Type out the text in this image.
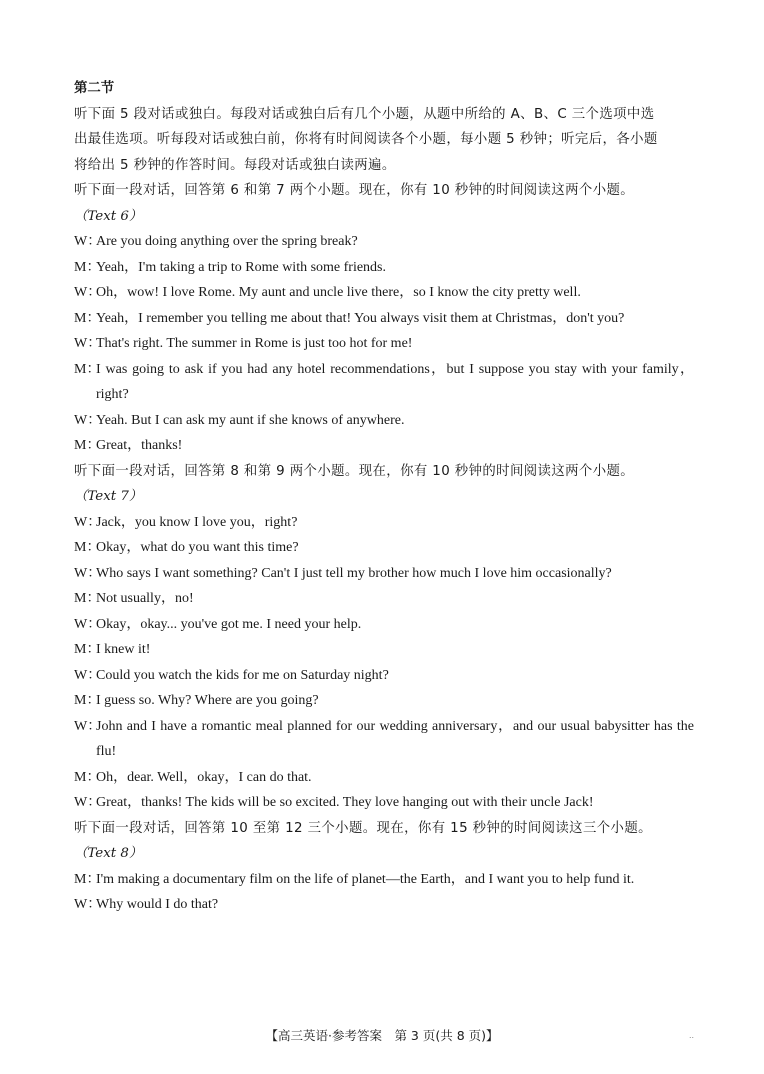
第二节
听下面 5 段对话或独白。每段对话或独白后有几个小题，从题中所给的 A、B、C 三个选项中选
出最佳选项。听每段对话或独白前，你将有时间阅读各个小题，每小题 5 秒钟；听完后，各小题
将给出 5 秒钟的作答时间。每段对话或独白读两遍。
听下面一段对话，回答第 6 和第 7 两个小题。现在，你有 10 秒钟的时间阅读这两个小题。
（Text 6）
W：
Are you doing anything over the spring break?
M：
Yeah，I'm taking a trip to Rome with some friends.
W：
Oh，wow! I love Rome. My aunt and uncle live there，so I know the city pretty well.
M：
Yeah，I remember you telling me about that! You always visit them at Christmas，don't you?
W：
That's right. The summer in Rome is just too hot for me!
M：
I was going to ask if you had any hotel recommendations，but I suppose you stay with your family，right?
W：
Yeah. But I can ask my aunt if she knows of anywhere.
M：
Great，thanks!
听下面一段对话，回答第 8 和第 9 两个小题。现在，你有 10 秒钟的时间阅读这两个小题。
（Text 7）
W：
Jack，you know I love you，right?
M：
Okay，what do you want this time?
W：
Who says I want something? Can't I just tell my brother how much I love him occasionally?
M：
Not usually，no!
W：
Okay，okay... you've got me. I need your help.
M：
I knew it!
W：
Could you watch the kids for me on Saturday night?
M：
I guess so. Why? Where are you going?
W：
John and I have a romantic meal planned for our wedding anniversary，and our usual babysitter has the flu!
M：
Oh，dear. Well，okay，I can do that.
W：
Great，thanks! The kids will be so excited. They love hanging out with their uncle Jack!
听下面一段对话，回答第 10 至第 12 三个小题。现在，你有 15 秒钟的时间阅读这三个小题。
（Text 8）
M：
I'm making a documentary film on the life of planet—the Earth，and I want you to help fund it.
W：
Why would I do that?
【高三英语·参考答案　第 3 页(共 8 页)】	..
